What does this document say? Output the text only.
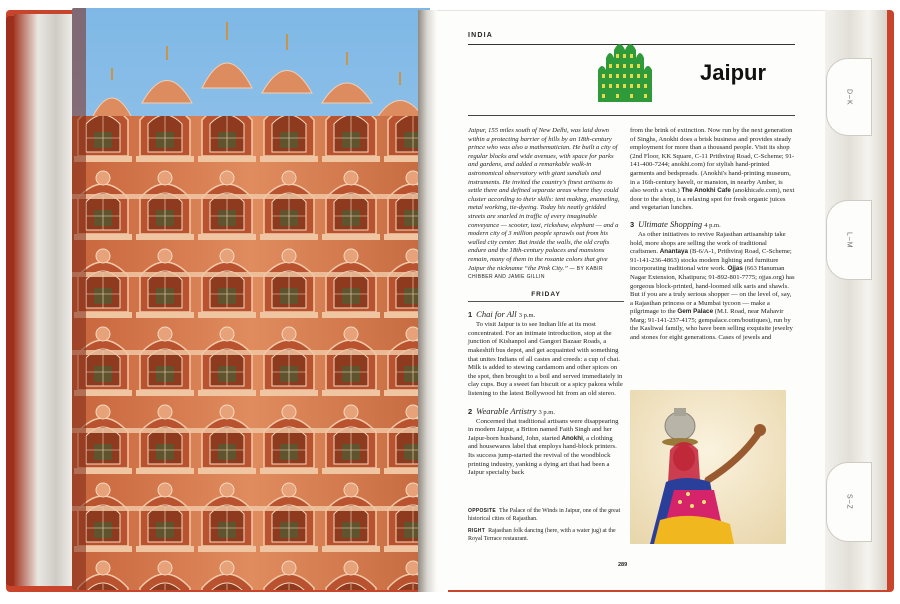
D–K
L–M
S–Z
INDIA
Jaipur

Jaipur, 155 miles south of New Delhi, was laid down within a protecting barrier of hills by an 18th-century prince who was also a mathematician. He built a city of regular blocks and wide avenues, with space for parks and gardens, and added a remarkable walk-in astronomical observatory with giant sundials and instruments. He invited the country's finest artisans to settle there and defined separate areas where they could cluster according to their skills: tent making, enameling, metal working, tie-dyeing. Today his neatly gridded streets are snarled in traffic of every imaginable conveyance — scooter, taxi, rickshaw, elephant — and a modern city of 3 million people sprawls out from his walled city center. But inside the walls, the old crafts endure and the 18th-century palaces and mansions remain, many of them in the rosante colors that give Jaipur the nickname “the Pink City.” — BY KABIR CHIBBER AND JAMIE GILLIN

FRIDAY
1 Chai for All 3 p.m.

To visit Jaipur is to see Indian life at its most concentrated. For an intimate introduction, stop at the junction of Kishanpol and Gangori Bazaar Roads, a makeshift bus depot, and get acquainted with something that unites Indians of all castes and creeds: a cup of chai. Milk is added to stewing cardamom and other spices on the spot, then brought to a boil and served immediately in clay cups. Buy a sweet fan biscuit or a spicy pakora while listening to the latest Bollywood hit from an old stereo.

2 Wearable Artistry 3 p.m.

Concerned that traditional artisans were disappearing in modern Jaipur, a Briton named Faith Singh and her Jaipur-born husband, John, started Anokhi, a clothing and housewares label that employs hand-block printers. Its success jump-started the revival of the woodblock printing industry, yanking a dying art that had been a Jaipur specialty back

OPPOSITE The Palace of the Winds in Jaipur, one of the great historical cities of Rajasthan.
RIGHT Rajasthan folk dancing (here, with a water jug) at the Royal Terrace restaurant.

from the brink of extinction. Now run by the next generation of Singhs, Anokhi does a brisk business and provides steady employment for more than a thousand people. Visit its shop (2nd Floor, KK Square, C-11 Prithviraj Road, C-Scheme; 91-141-400-7244; anokhi.com) for stylish hand-printed garments and bedspreads. (Anokhi's hand-printing museum, in a 16th-century haveli, or mansion, in nearby Amber, is also worth a visit.) The Anokhi Cafe (anokhicafe.com), next door to the shop, is a relaxing spot for fresh organic juices and vegetarian lunches.

3 Ultimate Shopping 4 p.m.

As other initiatives to revive Rajasthan artisanship take hold, more shops are selling the work of traditional craftsmen. Anantaya (B-6/A-1, Prithviraj Road, C-Scheme; 91-141-236-4863) stocks modern lighting and furniture incorporating traditional wire work. Ojjas (663 Hanuman Nagar Extension, Khatipura; 91-892-801-7775; ojjas.org) has gorgeous block-printed, hand-loomed silk saris and shawls. But if you are a truly serious shopper — on the level of, say, a Rajasthan princess or a Mumbai tycoon — make a pilgrimage to the Gem Palace (M.I. Road, near Mahavir Marg; 91-141-237-4175; gempalace.com/boutiques), run by the Kasliwal family, who have been selling exquisite jewelry and stones for eight generations. Cases of jewels and

289
